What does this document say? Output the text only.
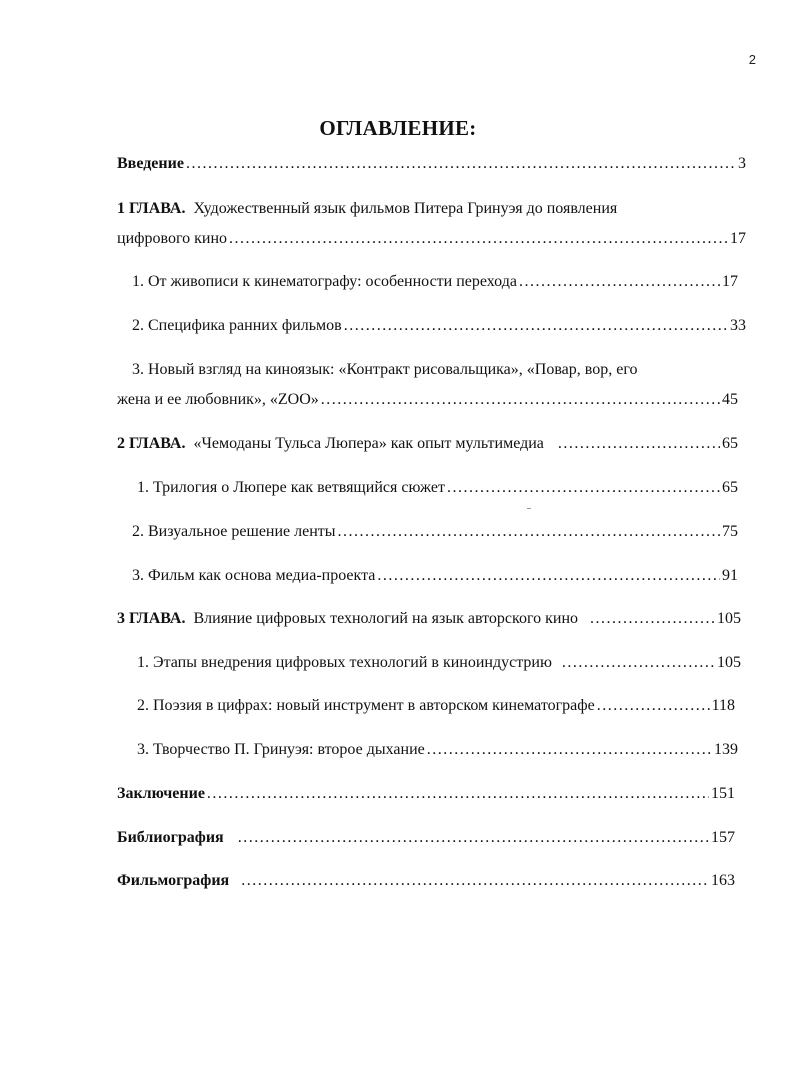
2
ОГЛАВЛЕНИЕ:
Введение .....	3
1 ГЛАВА. Художественный язык фильмов Питера Гринуэя до появления
цифрового кино .....	17
1. От живописи к кинематографу: особенности перехода .....	17
2. Специфика ранних фильмов .....	33
3. Новый взгляд на киноязык: «Контракт рисовальщика», «Повар, вор, его
жена и ее любовник», «ZOO» .....	45
2 ГЛАВА. «Чемоданы Тульса Люпера» как опыт мультимедиа .....	65
1. Трилогия о Люпере как ветвящийся сюжет .....	65
2. Визуальное решение ленты .....	75
3. Фильм как основа медиа-проекта .....	91
3 ГЛАВА. Влияние цифровых технологий на язык авторского кино .....	105
1. Этапы внедрения цифровых технологий в киноиндустрию .....	105
2. Поэзия в цифрах: новый инструмент в авторском кинематографе .....	118
3. Творчество П. Гринуэя: второе дыхание .....	139
Заключение .....	151
Библиография .....	157
Фильмография .....	163
